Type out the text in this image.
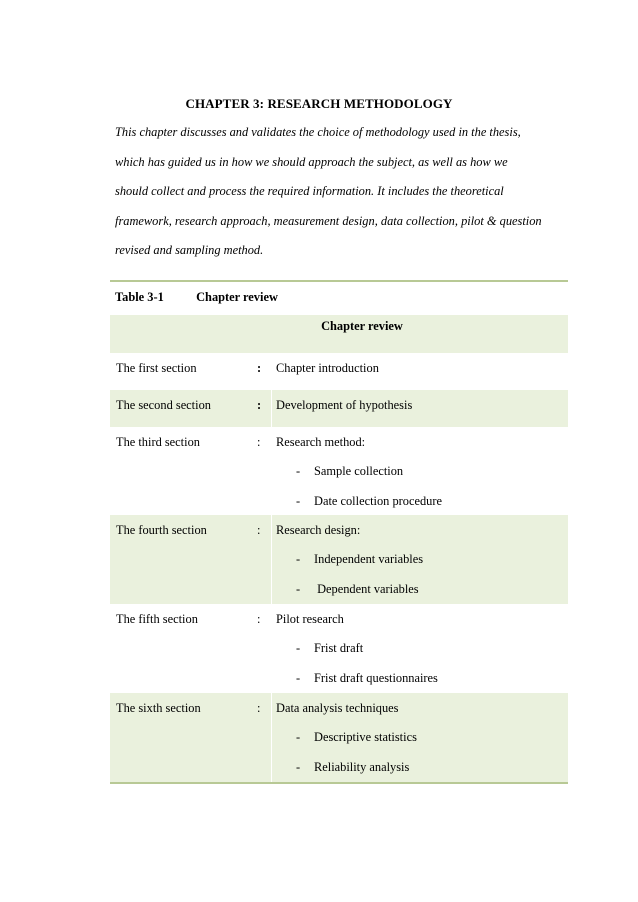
CHAPTER 3: RESEARCH METHODOLOGY
This chapter discusses and validates the choice of methodology used in the thesis,
which has guided us in how we should approach the subject, as well as how we
should collect and process the required information. It includes the theoretical
framework, research approach, measurement design, data collection, pilot & question
revised and sampling method.
Table 3-1	Chapter review
Chapter review
The first section	: Chapter introduction
The second section	: Development of hypothesis
The third section	: Research method:
- Sample collection
- Date collection procedure
The fourth section	: Research design:
- Independent variables
- Dependent variables
The fifth section	: Pilot research
- Frist draft
- Frist draft questionnaires
The sixth section	: Data analysis techniques
- Descriptive statistics
- Reliability analysis
